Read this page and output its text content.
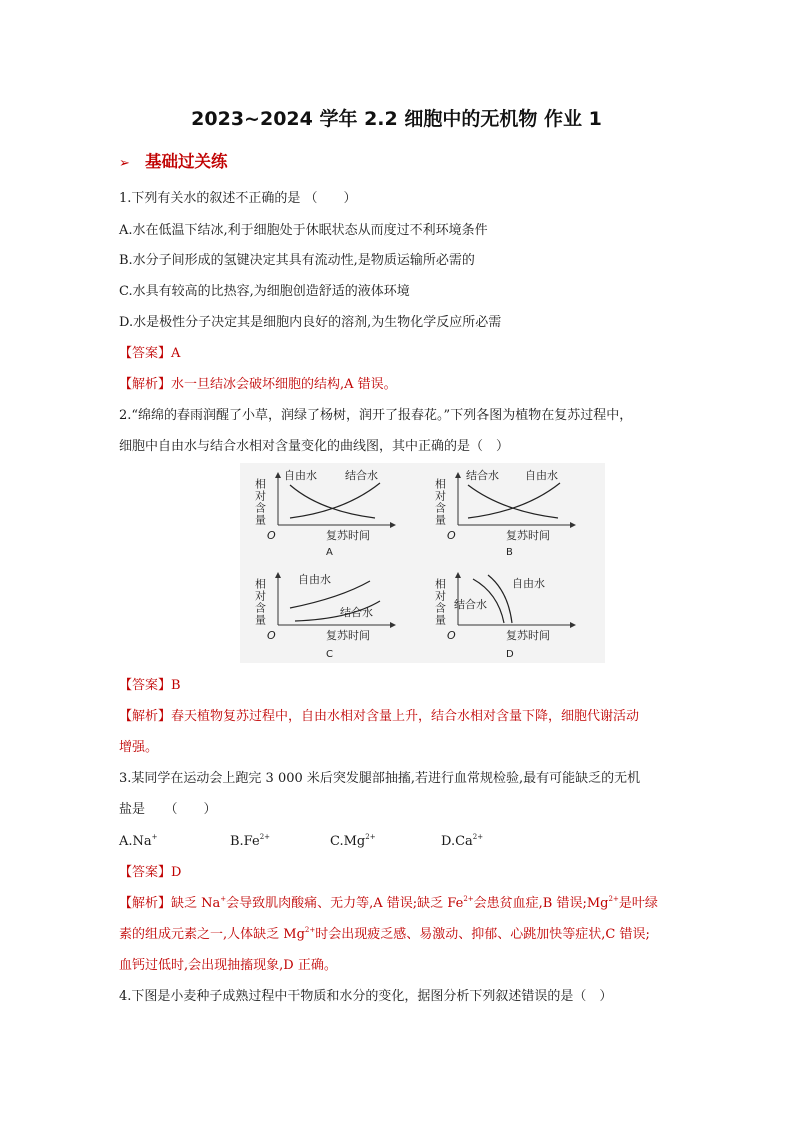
2023~2024 学年 2.2 细胞中的无机物 作业 1
➢ 基础过关练
1.下列有关水的叙述不正确的是 （　　）
A.水在低温下结冰,利于细胞处于休眠状态从而度过不利环境条件
B.水分子间形成的氢键决定其具有流动性,是物质运输所必需的
C.水具有较高的比热容,为细胞创造舒适的液体环境
D.水是极性分子决定其是细胞内良好的溶剂,为生物化学反应所必需
【答案】A
【解析】水一旦结冰会破坏细胞的结构,A 错误。
2.“绵绵的春雨润醒了小草，润绿了杨树，润开了报春花。”下列各图为植物在复苏过程中，
细胞中自由水与结合水相对含量变化的曲线图，其中正确的是（　）
相对含量	相对含量
相对含量	相对含量
O	O
O	O
复苏时间	复苏时间
复苏时间	复苏时间
自由水	结合水	结合水 自由水
自由水
结合水
自由水
结合水
A	B
C	D
【答案】B
【解析】春天植物复苏过程中，自由水相对含量上升，结合水相对含量下降，细胞代谢活动
增强。
3.某同学在运动会上跑完 3 000 米后突发腿部抽搐,若进行血常规检验,最有可能缺乏的无机
盐是　　（　　）
A.Na+	$B.Fe^{2+}$	$C.Mg^{2+}$	$D.Ca^{2+}$
【答案】D
【解析】缺乏 Na+会导致肌肉酸痛、无力等,A 错误;缺乏 $Fe^{2+}$会患贫血症,B 错误$;Mg^{2+}$是叶绿
素的组成元素之一,人体缺乏 $Mg^{2+}$时会出现疲乏感、易激动、抑郁、心跳加快等症状,C 错误;
血钙过低时,会出现抽搐现象,D 正确。
4.下图是小麦种子成熟过程中干物质和水分的变化，据图分析下列叙述错误的是（　）
